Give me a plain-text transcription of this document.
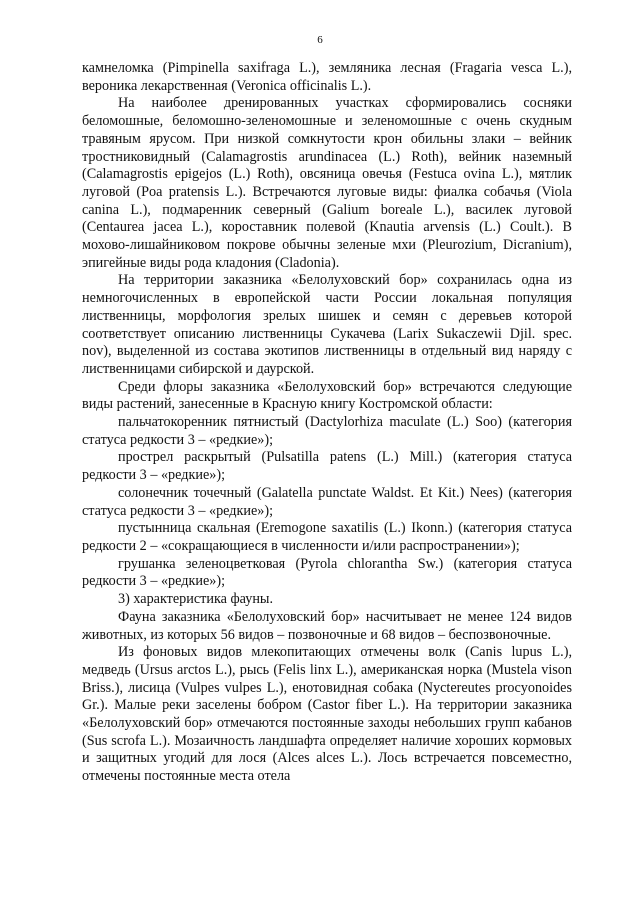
6

камнеломка (Pimpinella saxifraga L.), земляника лесная (Fragaria vesca L.), вероника лекарственная (Veronica officinalis L.).

На наиболее дренированных участках сформировались сосняки беломошные, беломошно-зеленомошные и зеленомошные с очень скудным травяным ярусом. При низкой сомкнутости крон обильны злаки – вейник тростниковидный (Calamagrostis arundinacea (L.) Roth), вейник наземный (Calamagrostis epigejos (L.) Roth), овсяница овечья (Festuca ovina L.), мятлик луговой (Poa pratensis L.). Встречаются луговые виды: фиалка собачья (Viola canina L.), подмаренник северный (Galium boreale L.), василек луговой (Centaurea jacea L.), короставник полевой (Knautia arvensis (L.) Coult.). В мохово-лишайниковом покрове обычны зеленые мхи (Pleurozium, Dicranium), эпигейные виды рода кладония (Cladonia).

На территории заказника «Белолуховский бор» сохранилась одна из немногочисленных в европейской части России локальная популяция лиственницы, морфология зрелых шишек и семян с деревьев которой соответствует описанию лиственницы Сукачева (Larix Sukaczewii Djil. spec. nov), выделенной из состава экотипов лиственницы в отдельный вид наряду с лиственницами сибирской и даурской.

Среди флоры заказника «Белолуховский бор» встречаются следующие виды растений, занесенные в Красную книгу Костромской области:

пальчатокоренник пятнистый (Dactylorhiza maculate (L.) Soo) (категория статуса редкости 3 – «редкие»);

прострел раскрытый (Pulsatilla patens (L.) Mill.) (категория статуса редкости 3 – «редкие»);

солонечник точечный (Galatella punctate Waldst. Et Kit.) Nees) (категория статуса редкости 3 – «редкие»);

пустынница скальная (Eremogone saxatilis (L.) Ikonn.) (категория статуса редкости 2 – «сокращающиеся в численности и/или распространении»);

грушанка зеленоцветковая (Pyrola chlorantha Sw.) (категория статуса редкости 3 – «редкие»);

3) характеристика фауны.

Фауна заказника «Белолуховский бор» насчитывает не менее 124 видов животных, из которых 56 видов – позвоночные и 68 видов – беспозвоночные.

Из фоновых видов млекопитающих отмечены волк (Canis lupus L.), медведь (Ursus arctos L.), рысь (Felis linx L.), американская норка (Mustela vison Briss.), лисица (Vulpes vulpes L.), енотовидная собака (Nyctereutes procyonoides Gr.). Малые реки заселены бобром (Castor fiber L.). На территории заказника «Белолуховский бор» отмечаются постоянные заходы небольших групп кабанов (Sus scrofa L.). Мозаичность ландшафта определяет наличие хороших кормовых и защитных угодий для лося (Alces alces L.). Лось встречается повсеместно, отмечены постоянные места отела
